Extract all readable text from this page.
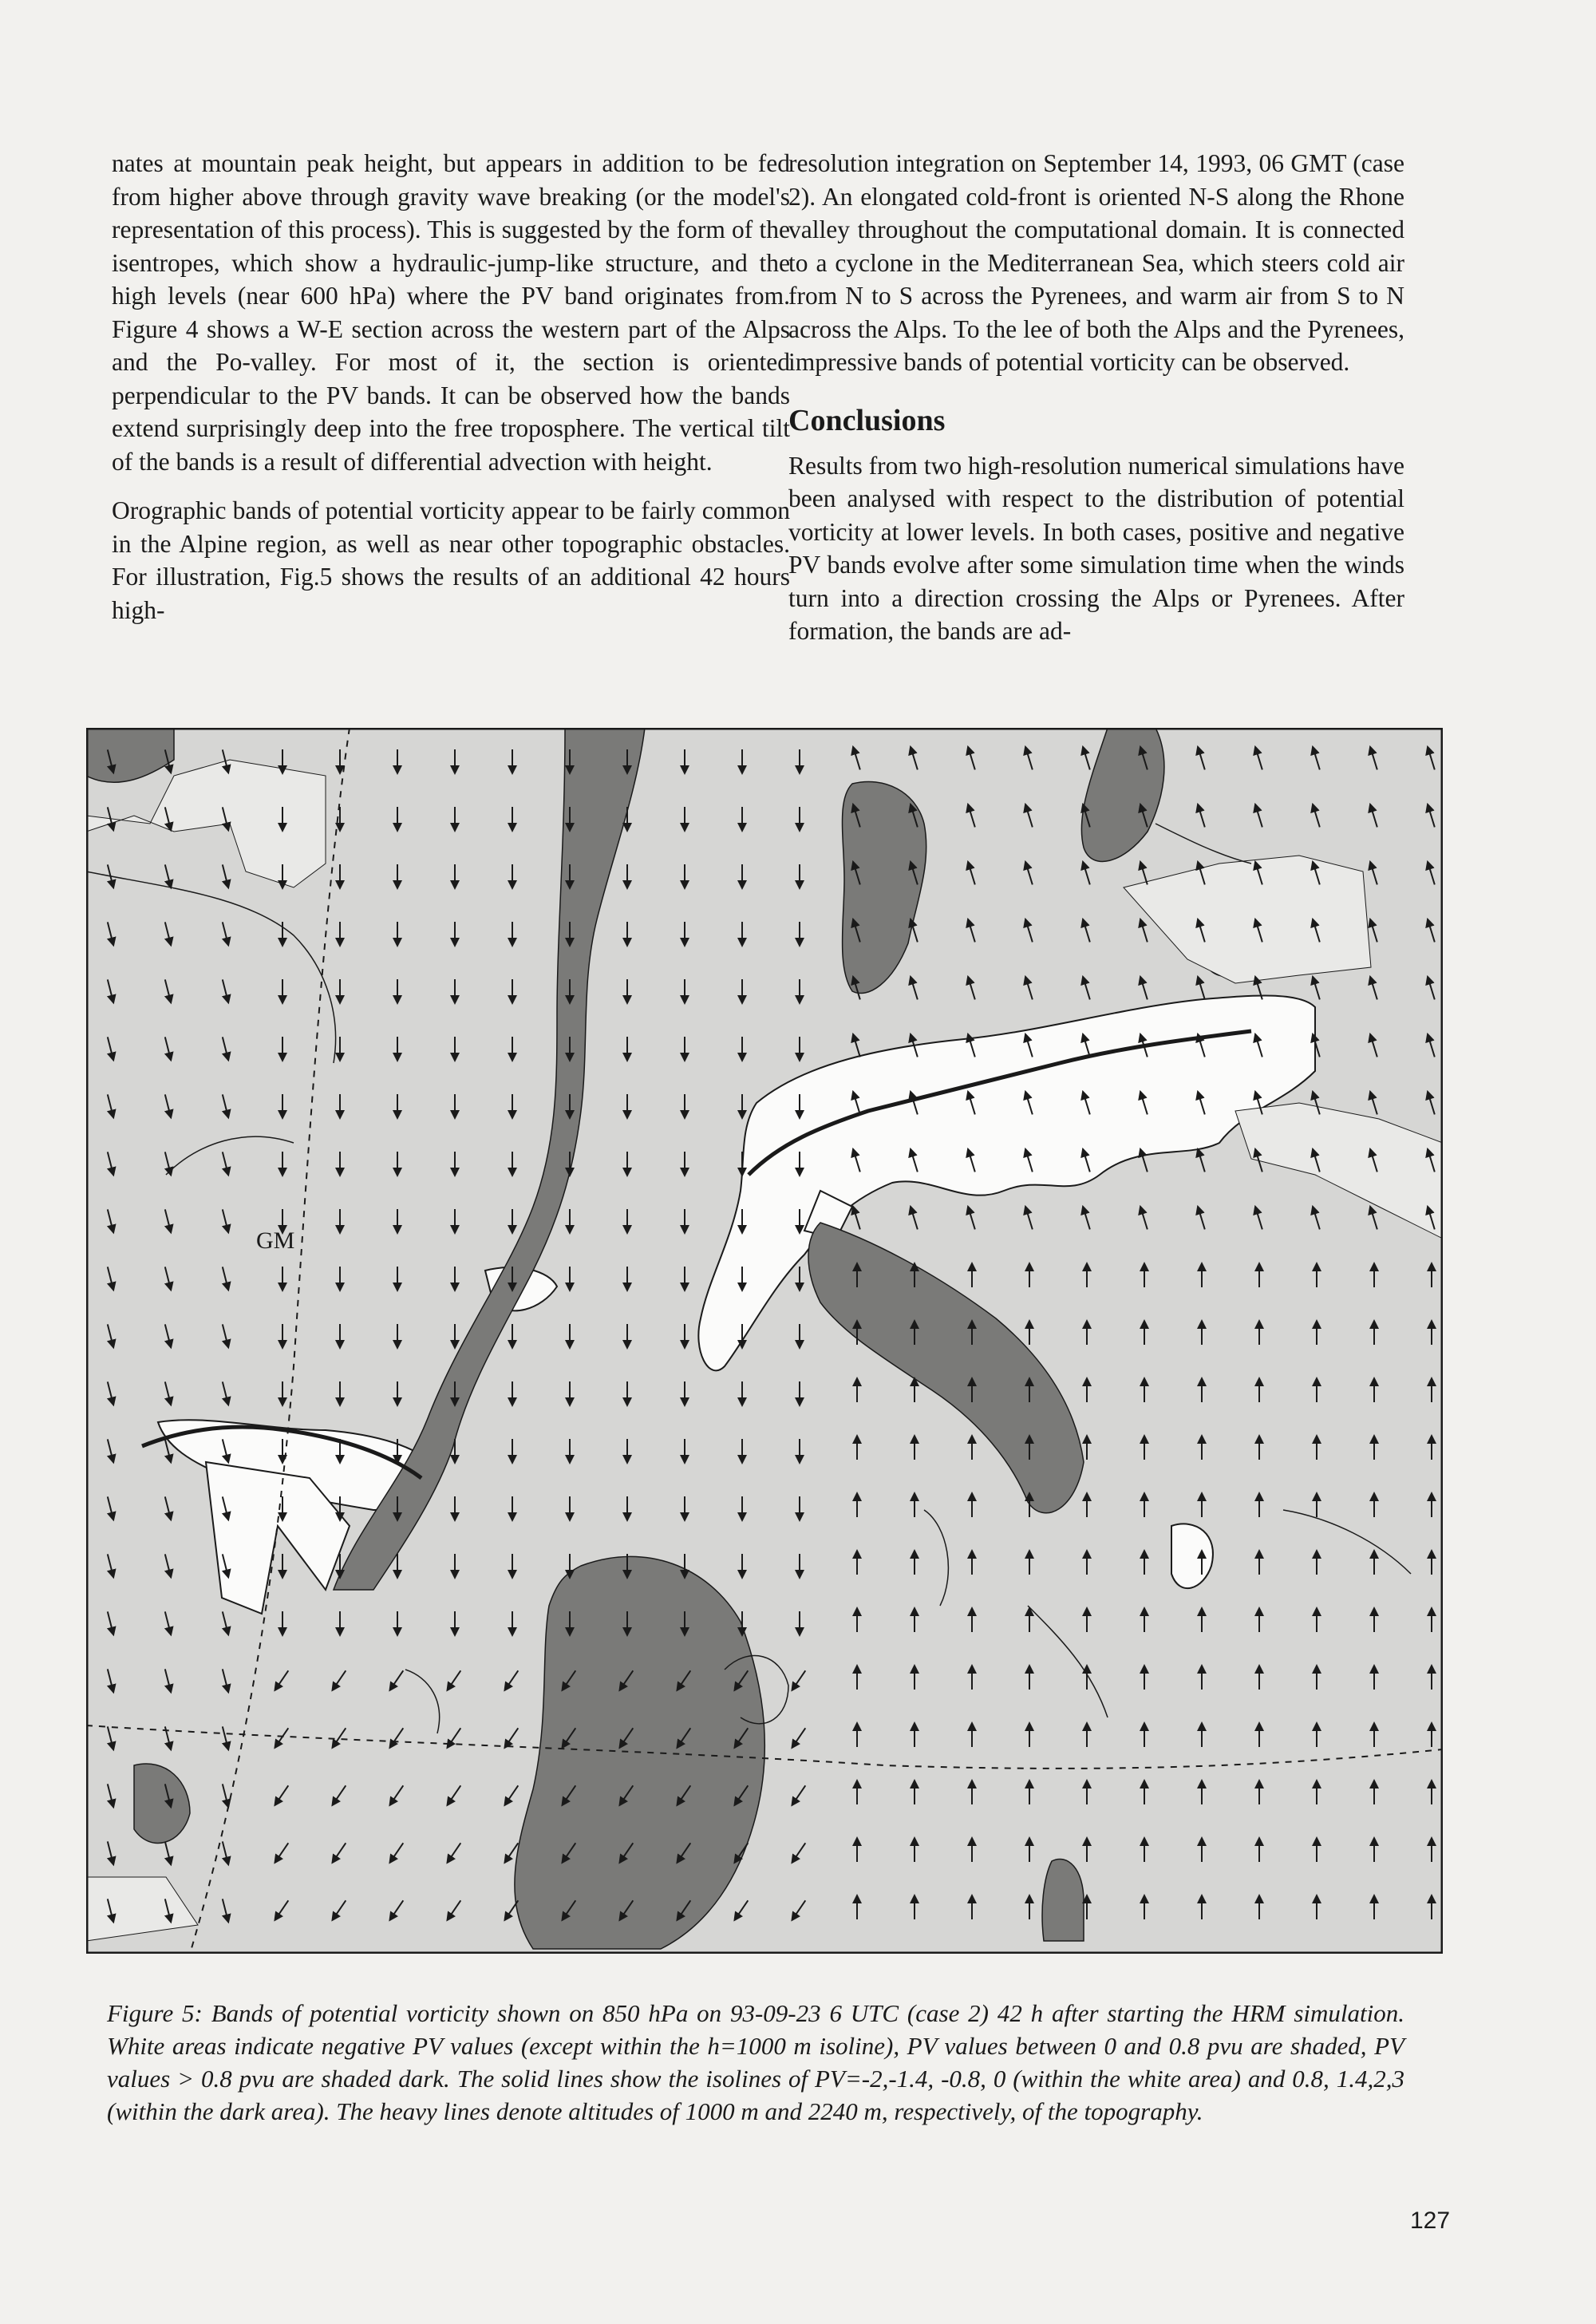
nates at mountain peak height, but appears in addition to be fed from higher above through gravity wave breaking (or the model's representation of this process). This is suggested by the form of the isentropes, which show a hydraulic-jump-like structure, and the high levels (near 600 hPa) where the PV band originates from. Figure 4 shows a W-E section across the western part of the Alps and the Po-valley. For most of it, the section is oriented perpendicular to the PV bands. It can be observed how the bands extend surprisingly deep into the free troposphere. The vertical tilt of the bands is a result of differential advection with height.

Orographic bands of potential vorticity appear to be fairly common in the Alpine region, as well as near other topographic obstacles. For illustration, Fig.5 shows the results of an additional 42 hours high-

resolution integration on September 14, 1993, 06 GMT (case 2). An elongated cold-front is oriented N-S along the Rhone valley throughout the computational domain. It is connected to a cyclone in the Mediterranean Sea, which steers cold air from N to S across the Pyrenees, and warm air from S to N across the Alps. To the lee of both the Alps and the Pyrenees, impressive bands of potential vorticity can be observed.

Conclusions

Results from two high-resolution numerical simulations have been analysed with respect to the distribution of potential vorticity at lower levels. In both cases, positive and negative PV bands evolve after some simulation time when the winds turn into a direction crossing the Alps or Pyrenees. After formation, the bands are ad-

GM
Figure 5: Bands of potential vorticity shown on 850 hPa on 93-09-23 6 UTC (case 2) 42 h after starting the HRM simulation. White areas indicate negative PV values (except within the h=1000 m isoline), PV values between 0 and 0.8 pvu are shaded, PV values > 0.8 pvu are shaded dark. The solid lines show the isolines of PV=-2,-1.4, -0.8, 0 (within the white area) and 0.8, 1.4,2,3 (within the dark area). The heavy lines denote altitudes of 1000 m and 2240 m, respectively, of the topography.
127
